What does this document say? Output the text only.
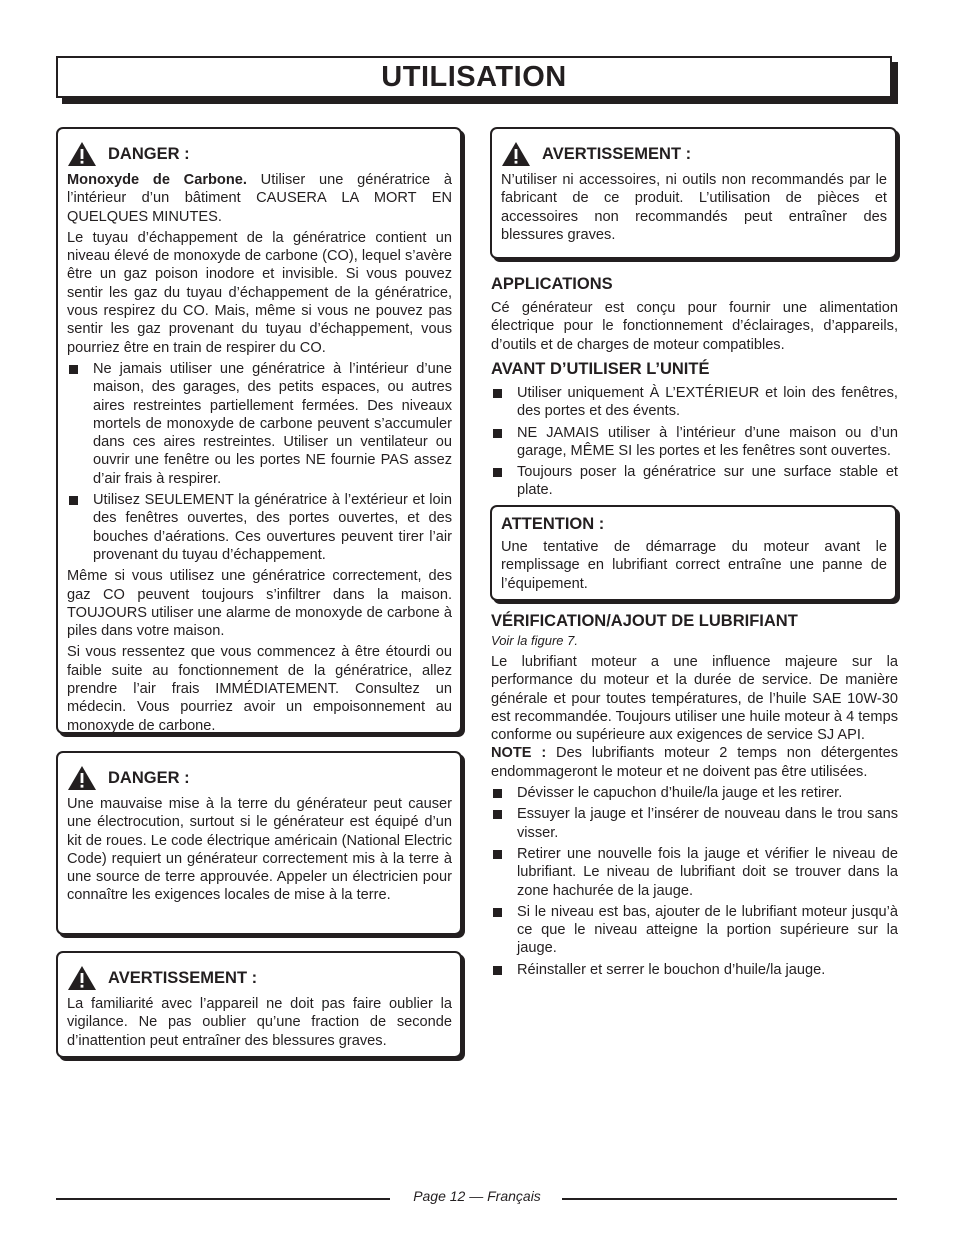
UTILISATION
DANGER :
Monoxyde de Carbone. Utiliser une génératrice à l’intérieur d’un bâtiment CAUSERA LA MORT EN QUELQUES MINUTES.
Le tuyau d’échappement de la génératrice contient un niveau élevé de monoxyde de carbone (CO), lequel s’avère être un gaz poison inodore et invisible. Si vous pouvez sentir les gaz du tuyau d’échappement de la génératrice, vous respirez du CO. Mais, même si vous ne pouvez pas sentir les gaz provenant du tuyau d’échappement, vous pourriez être en train de respirer du CO.
Ne jamais utiliser une génératrice à l’intérieur d’une maison, des garages, des petits espaces, ou autres aires restreintes partiellement fermées. Des niveaux mortels de monoxyde de carbone peuvent s’accumuler dans ces aires restreintes. Utiliser un ventilateur ou ouvrir une fenêtre ou les portes NE fournie PAS assez d’air frais à respirer.
Utilisez SEULEMENT la génératrice à l’extérieur et loin des fenêtres ouvertes, des portes ouvertes, et des bouches d’aérations. Ces ouvertures peuvent tirer l’air provenant du tuyau d’échappement.
Même si vous utilisez une génératrice correctement, des gaz CO peuvent toujours s’infiltrer dans la maison. TOUJOURS utiliser une alarme de monoxyde de carbone à piles dans votre maison.
Si vous ressentez que vous commencez à être étourdi ou faible suite au fonctionnement de la génératrice, allez prendre l’air frais IMMÉDIATEMENT. Consultez un médecin. Vous pourriez avoir un empoisonnement au monoxyde de carbone.
DANGER :
Une mauvaise mise à la terre du générateur peut causer une électrocution, surtout si le générateur est équipé d’un kit de roues. Le code électrique américain (National Electric Code) requiert un générateur correctement mis à la terre à une source de terre approuvée. Appeler un électricien pour connaître les exigences locales de mise à la terre.
AVERTISSEMENT :
La familiarité avec l’appareil ne doit pas faire oublier la vigilance. Ne pas oublier qu’une fraction de seconde d’inattention peut entraîner des blessures graves.
AVERTISSEMENT :
N’utiliser ni accessoires, ni outils non recommandés par le fabricant de ce produit. L’utilisation de pièces et accessoires non recommandés peut entraîner des blessures graves.
APPLICATIONS
Cé générateur est conçu pour fournir une alimentation électrique pour le fonctionnement d’éclairages, d’appareils, d’outils et de charges de moteur compatibles.
AVANT D’UTILISER L’UNITÉ
Utiliser uniquement À L’EXTÉRIEUR et loin des fenêtres, des portes et des évents.
NE JAMAIS utiliser à l’intérieur d’une maison ou d’un garage, MÊME SI les portes et les fenêtres sont ouvertes.
Toujours poser la génératrice sur une surface stable et plate.
ATTENTION :
Une tentative de démarrage du moteur avant le remplissage en lubrifiant correct entraîne une panne de l’équipement.
VÉRIFICATION/AJOUT DE LUBRIFIANT
Voir la figure 7.
Le lubrifiant moteur a une influence majeure sur la performance du moteur et la durée de service. De manière générale et pour toutes températures, de l’huile SAE 10W-30 est recommandée. Toujours utiliser une huile moteur à 4 temps conforme ou supérieure aux exigences de service SJ API.
NOTE : Des lubrifiants moteur 2 temps non détergentes endommageront le moteur et ne doivent pas être utilisées.
Dévisser le capuchon d’huile/la jauge et les retirer.
Essuyer la jauge et l’insérer de nouveau dans le trou sans visser.
Retirer une nouvelle fois la jauge et vérifier le niveau de lubrifiant. Le niveau de lubrifiant doit se trouver dans la zone hachurée de la jauge.
Si le niveau est bas, ajouter de le lubrifiant moteur jusqu’à ce que le niveau atteigne la portion supérieure sur la jauge.
Réinstaller et serrer le bouchon d’huile/la jauge.
Page 12 — Français
